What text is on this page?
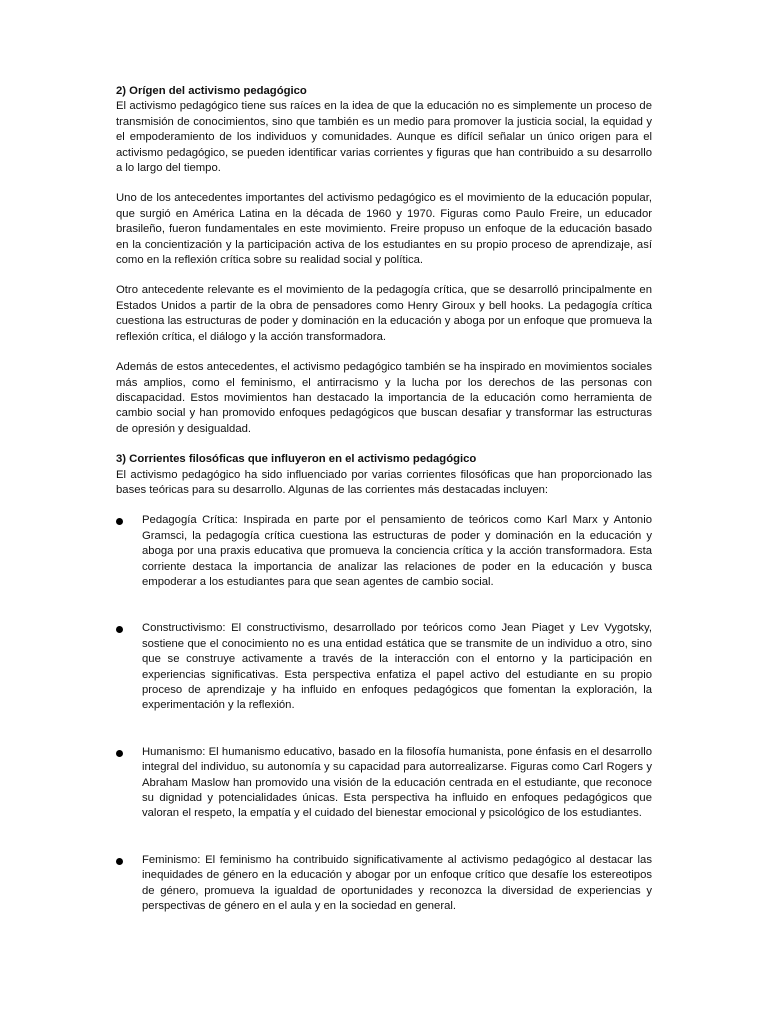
2) Orígen del activismo pedagógico

El activismo pedagógico tiene sus raíces en la idea de que la educación no es simplemente un proceso de transmisión de conocimientos, sino que también es un medio para promover la justicia social, la equidad y el empoderamiento de los individuos y comunidades. Aunque es difícil señalar un único origen para el activismo pedagógico, se pueden identificar varias corrientes y figuras que han contribuido a su desarrollo a lo largo del tiempo.

Uno de los antecedentes importantes del activismo pedagógico es el movimiento de la educación popular, que surgió en América Latina en la década de 1960 y 1970. Figuras como Paulo Freire, un educador brasileño, fueron fundamentales en este movimiento. Freire propuso un enfoque de la educación basado en la concientización y la participación activa de los estudiantes en su propio proceso de aprendizaje, así como en la reflexión crítica sobre su realidad social y política.

Otro antecedente relevante es el movimiento de la pedagogía crítica, que se desarrolló principalmente en Estados Unidos a partir de la obra de pensadores como Henry Giroux y bell hooks. La pedagogía crítica cuestiona las estructuras de poder y dominación en la educación y aboga por un enfoque que promueva la reflexión crítica, el diálogo y la acción transformadora.

Además de estos antecedentes, el activismo pedagógico también se ha inspirado en movimientos sociales más amplios, como el feminismo, el antirracismo y la lucha por los derechos de las personas con discapacidad. Estos movimientos han destacado la importancia de la educación como herramienta de cambio social y han promovido enfoques pedagógicos que buscan desafiar y transformar las estructuras de opresión y desigualdad.

3) Corrientes filosóficas que influyeron en el activismo pedagógico

El activismo pedagógico ha sido influenciado por varias corrientes filosóficas que han proporcionado las bases teóricas para su desarrollo. Algunas de las corrientes más destacadas incluyen:

Pedagogía Crítica: Inspirada en parte por el pensamiento de teóricos como Karl Marx y Antonio Gramsci, la pedagogía crítica cuestiona las estructuras de poder y dominación en la educación y aboga por una praxis educativa que promueva la conciencia crítica y la acción transformadora. Esta corriente destaca la importancia de analizar las relaciones de poder en la educación y busca empoderar a los estudiantes para que sean agentes de cambio social.
Constructivismo: El constructivismo, desarrollado por teóricos como Jean Piaget y Lev Vygotsky, sostiene que el conocimiento no es una entidad estática que se transmite de un individuo a otro, sino que se construye activamente a través de la interacción con el entorno y la participación en experiencias significativas. Esta perspectiva enfatiza el papel activo del estudiante en su propio proceso de aprendizaje y ha influido en enfoques pedagógicos que fomentan la exploración, la experimentación y la reflexión.
Humanismo: El humanismo educativo, basado en la filosofía humanista, pone énfasis en el desarrollo integral del individuo, su autonomía y su capacidad para autorrealizarse. Figuras como Carl Rogers y Abraham Maslow han promovido una visión de la educación centrada en el estudiante, que reconoce su dignidad y potencialidades únicas. Esta perspectiva ha influido en enfoques pedagógicos que valoran el respeto, la empatía y el cuidado del bienestar emocional y psicológico de los estudiantes.
Feminismo: El feminismo ha contribuido significativamente al activismo pedagógico al destacar las inequidades de género en la educación y abogar por un enfoque crítico que desafíe los estereotipos de género, promueva la igualdad de oportunidades y reconozca la diversidad de experiencias y perspectivas de género en el aula y en la sociedad en general.
